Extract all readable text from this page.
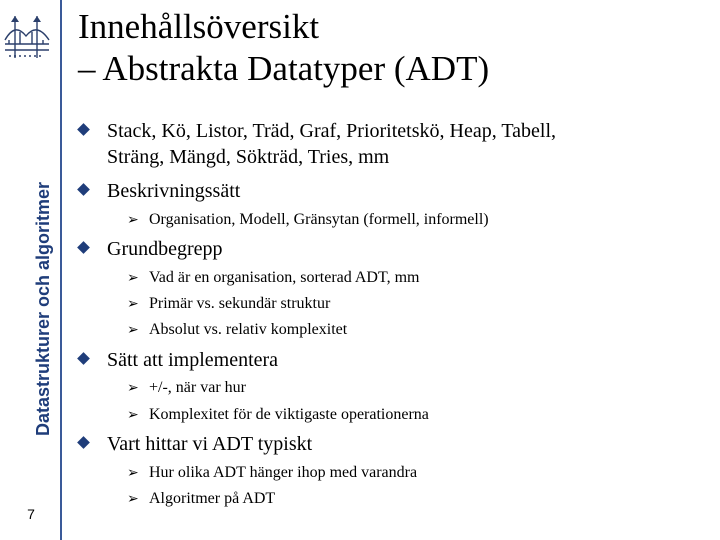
Datastrukturer och algoritmer
7
Innehållsöversikt
– Abstrakta Datatyper (ADT)
Stack, Kö, Listor, Träd, Graf, Prioritetskö, Heap, Tabell,
Sträng, Mängd, Sökträd, Tries, mm
Beskrivningssätt
➢ Organisation, Modell, Gränsytan (formell, informell)
Grundbegrepp
➢ Vad är en organisation, sorterad ADT, mm
➢ Primär vs. sekundär struktur
➢ Absolut vs. relativ komplexitet
Sätt att implementera
➢ +/-, när var hur
➢ Komplexitet för de viktigaste operationerna
Vart hittar vi ADT typiskt
➢ Hur olika ADT hänger ihop med varandra
➢ Algoritmer på ADT
